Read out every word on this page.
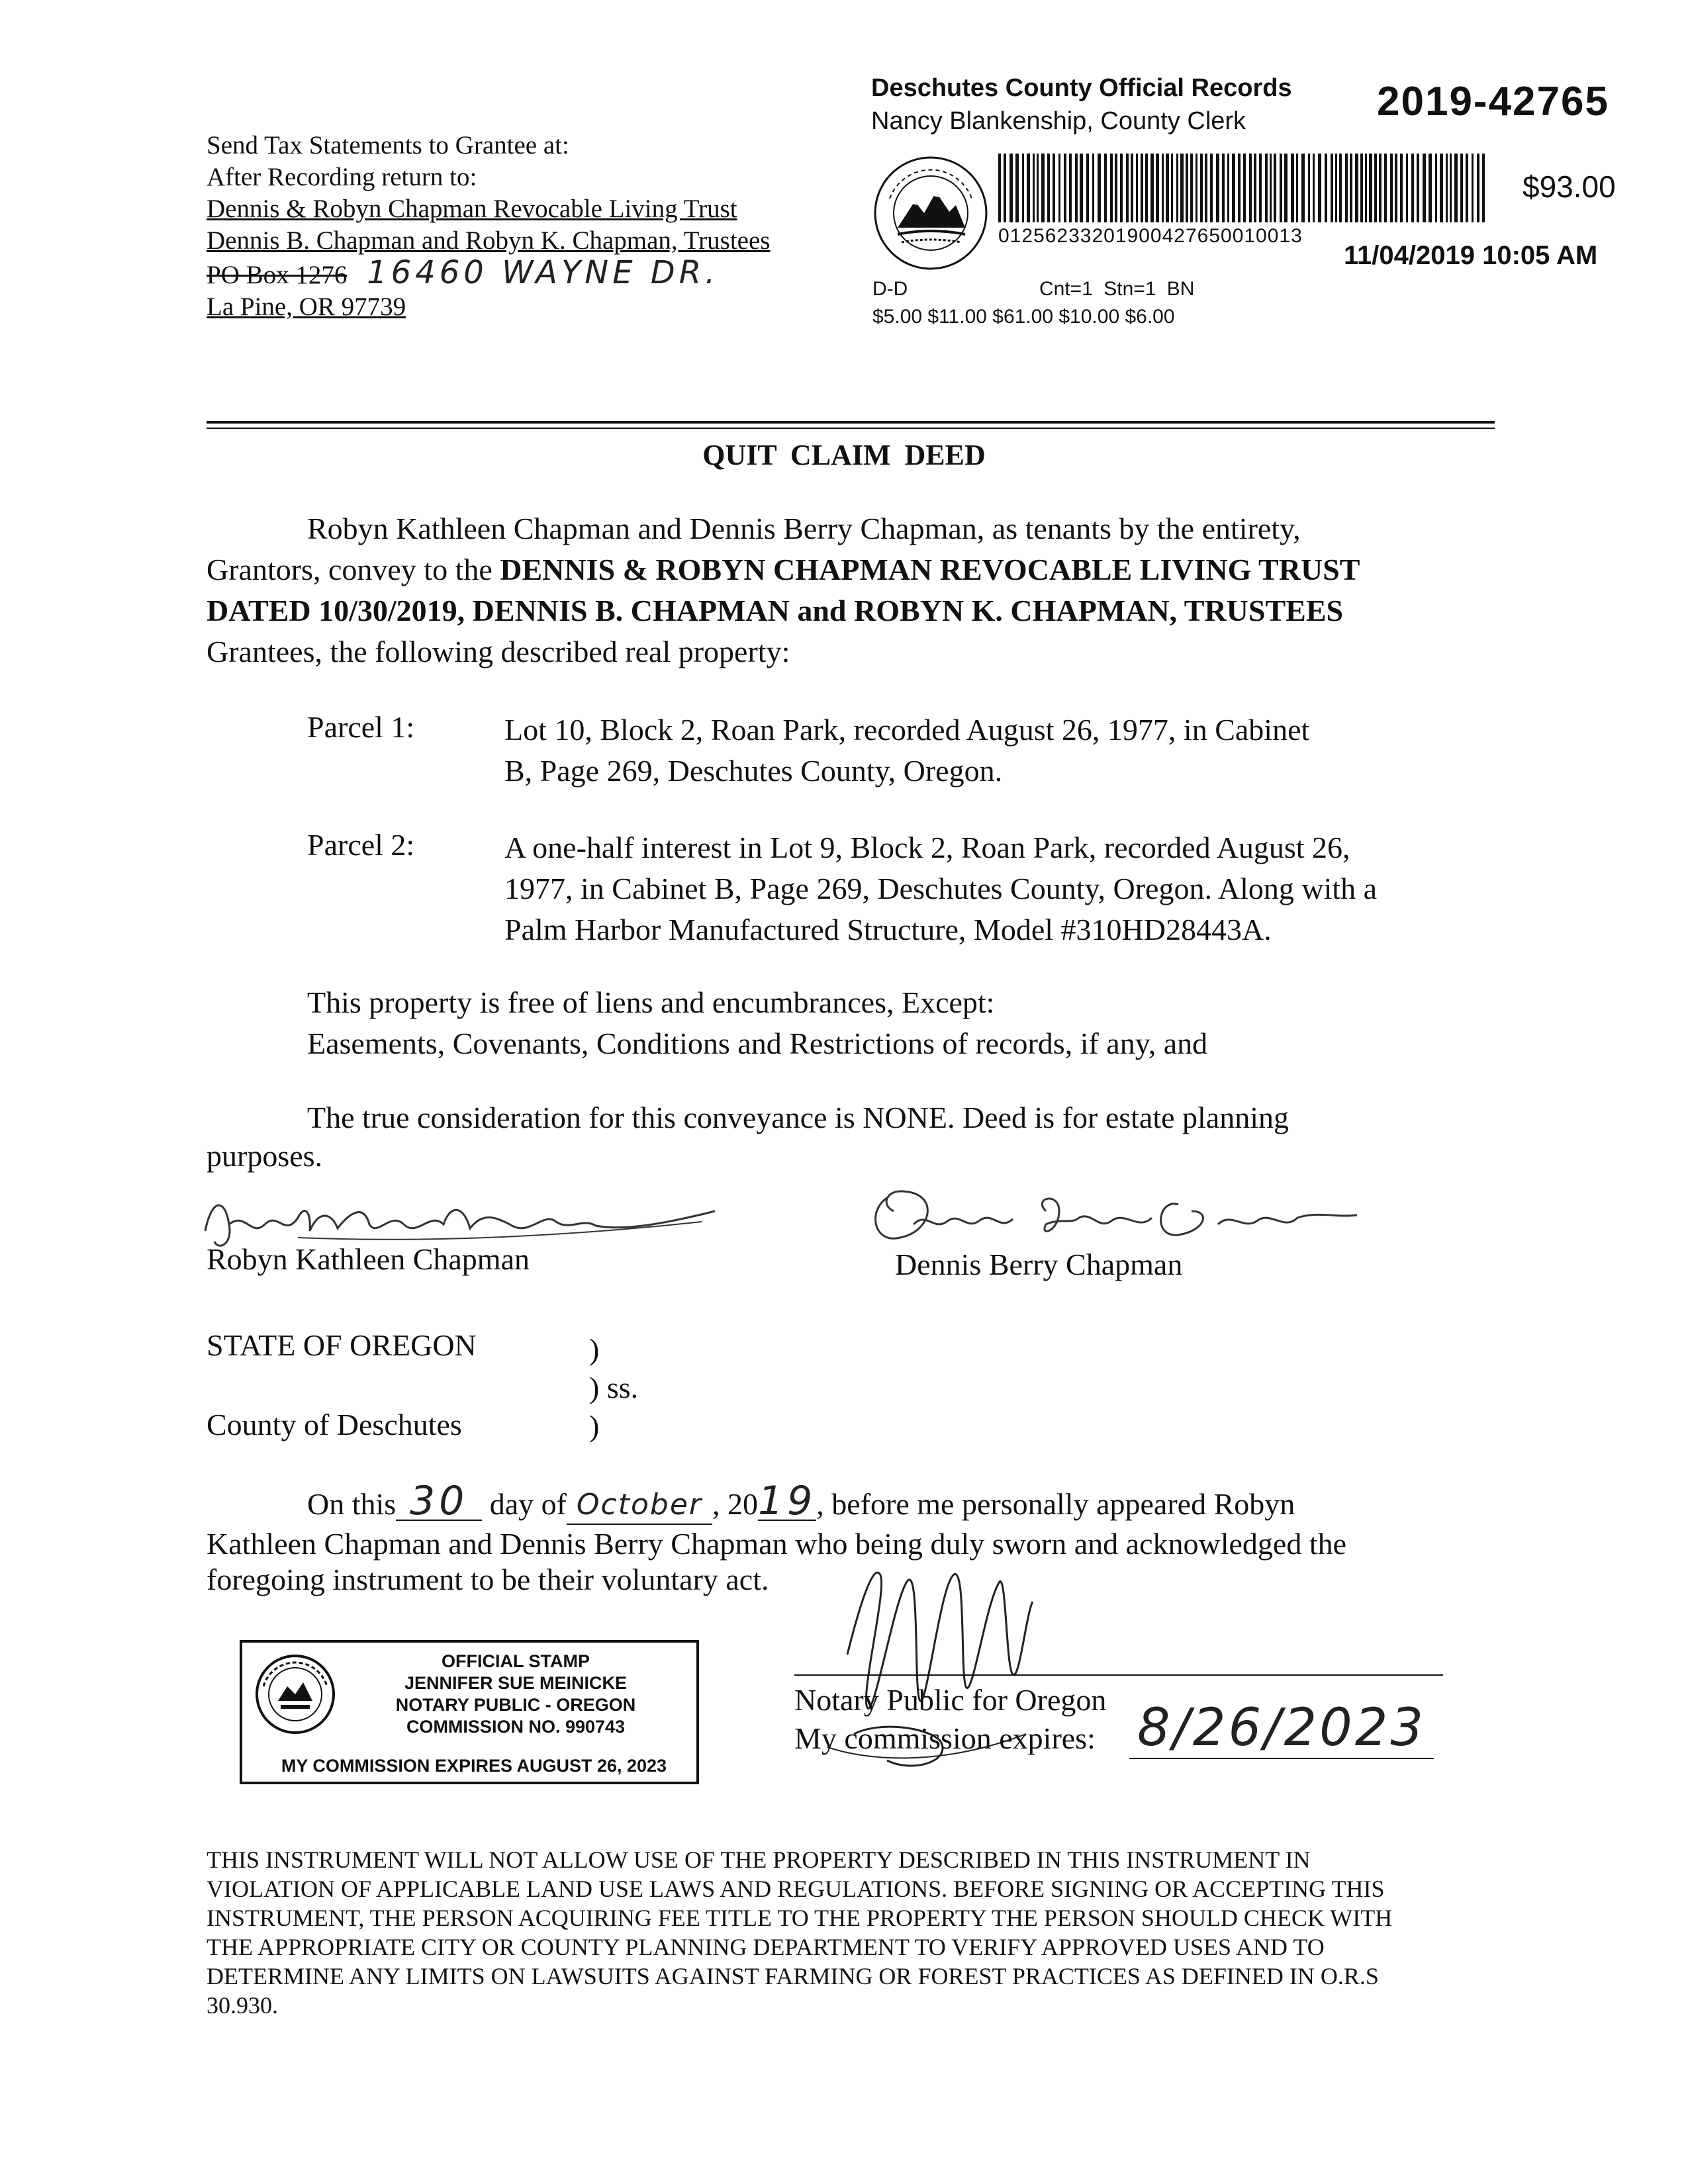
Send Tax Statements to Grantee at:
After Recording return to:
Dennis & Robyn Chapman Revocable Living Trust
Dennis B. Chapman and Robyn K. Chapman, Trustees
PO Box 1276 16460 WAYNE DR.
La Pine, OR 97739
Deschutes County Official Records
Nancy Blankenship, County Clerk	2019-42765
$93.00
01256233201900427650010013
11/04/2019 10:05 AM
D-D	Cnt=1 Stn=1 BN
$5.00 $11.00 $61.00 $10.00 $6.00
QUIT CLAIM DEED
Robyn Kathleen Chapman and Dennis Berry Chapman, as tenants by the entirety,
Grantors, convey to the DENNIS & ROBYN CHAPMAN REVOCABLE LIVING TRUST
DATED 10/30/2019, DENNIS B. CHAPMAN and ROBYN K. CHAPMAN, TRUSTEES
Grantees, the following described real property:
Parcel 1:	Lot 10, Block 2, Roan Park, recorded August 26, 1977, in Cabinet
B, Page 269, Deschutes County, Oregon.
Parcel 2:	A one-half interest in Lot 9, Block 2, Roan Park, recorded August 26,
1977, in Cabinet B, Page 269, Deschutes County, Oregon. Along with a
Palm Harbor Manufactured Structure, Model #310HD28443A.
This property is free of liens and encumbrances, Except:
Easements, Covenants, Conditions and Restrictions of records, if any, and
The true consideration for this conveyance is NONE. Deed is for estate planning
purposes.
Robyn Kathleen Chapman	Dennis Berry Chapman
STATE OF OREGON	)
) ss.
County of Deschutes	)
On this 30 day of October , 2019, before me personally appeared Robyn
Kathleen Chapman and Dennis Berry Chapman who being duly sworn and acknowledged the
foregoing instrument to be their voluntary act.
OFFICIAL STAMP
JENNIFER SUE MEINICKE
NOTARY PUBLIC - OREGON
COMMISSION NO. 990743
MY COMMISSION EXPIRES AUGUST 26, 2023
Notary Public for Oregon
My commission expires: 8/26/2023
THIS INSTRUMENT WILL NOT ALLOW USE OF THE PROPERTY DESCRIBED IN THIS INSTRUMENT IN
VIOLATION OF APPLICABLE LAND USE LAWS AND REGULATIONS. BEFORE SIGNING OR ACCEPTING THIS
INSTRUMENT, THE PERSON ACQUIRING FEE TITLE TO THE PROPERTY THE PERSON SHOULD CHECK WITH
THE APPROPRIATE CITY OR COUNTY PLANNING DEPARTMENT TO VERIFY APPROVED USES AND TO
DETERMINE ANY LIMITS ON LAWSUITS AGAINST FARMING OR FOREST PRACTICES AS DEFINED IN O.R.S
30.930.
